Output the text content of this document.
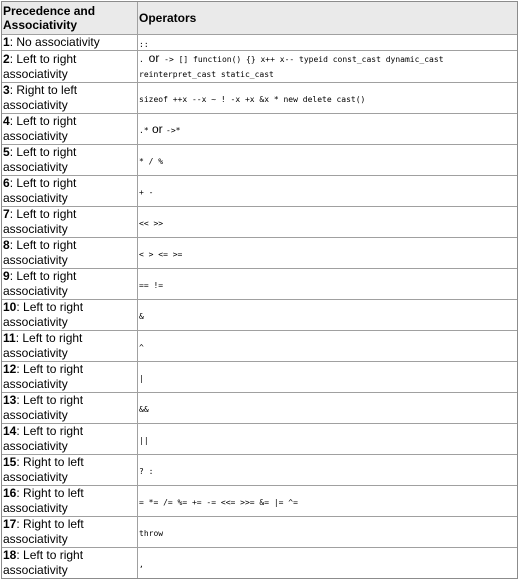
Precedence and Associativity	Operators
1: No associativity	::
2: Left to right associativity	. or -> [] function() {} x++ x-- typeid const_cast dynamic_cast reinterpret_cast static_cast

3: Right to left associativity	sizeof ++x --x ~ ! -x +x &x * new delete cast()
4: Left to right associativity	.* or ->*
5: Left to right associativity	* / %
6: Left to right associativity	+ -
7: Left to right associativity	<< >>
8: Left to right associativity	< > <= >=
9: Left to right associativity	== !=
10: Left to right associativity	&
11: Left to right associativity	^
12: Left to right associativity	|
13: Left to right associativity	&&
14: Left to right associativity	||
15: Right to left associativity	? :
16: Right to left associativity	= *= /= %= += -= <<= >>= &= |= ^=
17: Right to left associativity	throw
18: Left to right associativity	,
